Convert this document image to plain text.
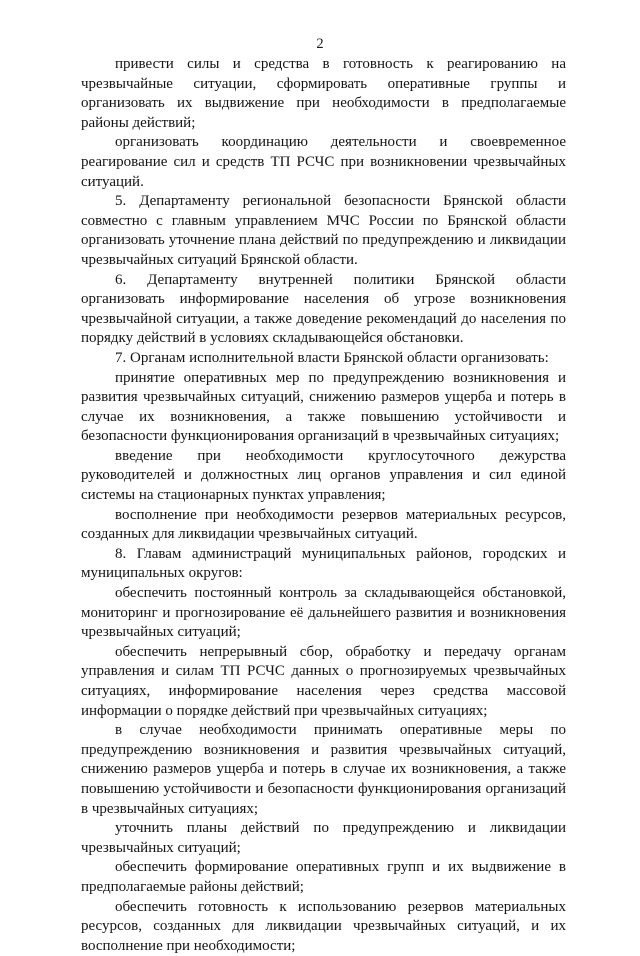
2

привести силы и средства в готовность к реагированию на чрезвычайные ситуации, сформировать оперативные группы и организовать их выдвижение при необходимости в предполагаемые районы действий;

организовать координацию деятельности и своевременное реагирование сил и средств ТП РСЧС при возникновении чрезвычайных ситуаций.

5. Департаменту региональной безопасности Брянской области совместно с главным управлением МЧС России по Брянской области организовать уточнение плана действий по предупреждению и ликвидации чрезвычайных ситуаций Брянской области.

6. Департаменту внутренней политики Брянской области организовать информирование населения об угрозе возникновения чрезвычайной ситуации, а также доведение рекомендаций до населения по порядку действий в условиях складывающейся обстановки.

7. Органам исполнительной власти Брянской области организовать:

принятие оперативных мер по предупреждению возникновения и развития чрезвычайных ситуаций, снижению размеров ущерба и потерь в случае их возникновения, а также повышению устойчивости и безопасности функционирования организаций в чрезвычайных ситуациях;

введение при необходимости круглосуточного дежурства руководителей и должностных лиц органов управления и сил единой системы на стационарных пунктах управления;

восполнение при необходимости резервов материальных ресурсов, созданных для ликвидации чрезвычайных ситуаций.

8. Главам администраций муниципальных районов, городских и муниципальных округов:

обеспечить постоянный контроль за складывающейся обстановкой, мониторинг и прогнозирование её дальнейшего развития и возникновения чрезвычайных ситуаций;

обеспечить непрерывный сбор, обработку и передачу органам управления и силам ТП РСЧС данных о прогнозируемых чрезвычайных ситуациях, информирование населения через средства массовой информации о порядке действий при чрезвычайных ситуациях;

в случае необходимости принимать оперативные меры по предупреждению возникновения и развития чрезвычайных ситуаций, снижению размеров ущерба и потерь в случае их возникновения, а также повышению устойчивости и безопасности функционирования организаций в чрезвычайных ситуациях;

уточнить планы действий по предупреждению и ликвидации чрезвычайных ситуаций;

обеспечить формирование оперативных групп и их выдвижение в предполагаемые районы действий;

обеспечить готовность к использованию резервов материальных ресурсов, созданных для ликвидации чрезвычайных ситуаций, и их восполнение при необходимости;
